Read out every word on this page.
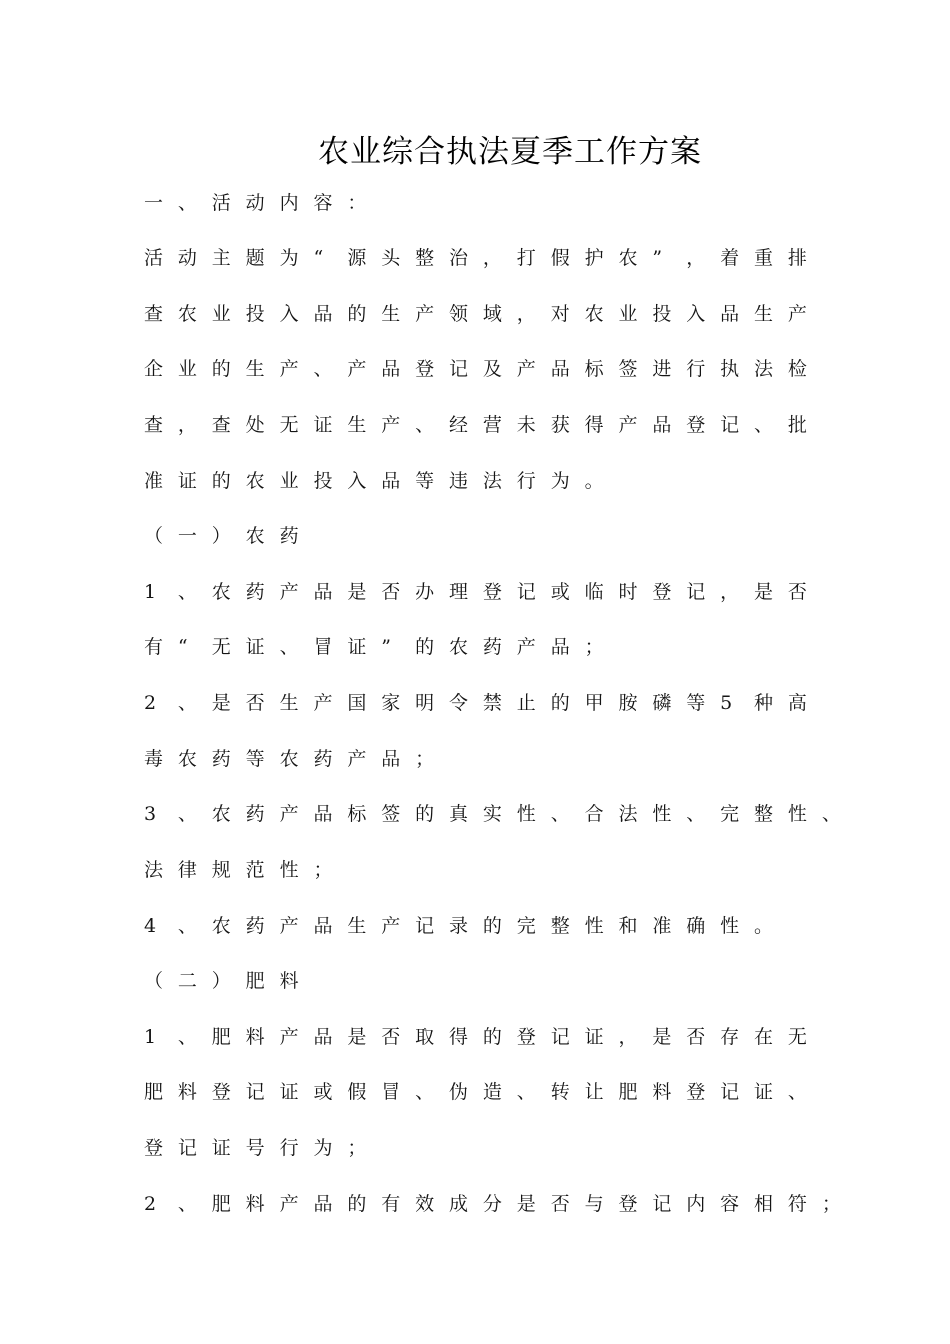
农业综合执法夏季工作方案
一 、 活 动 内 容 ：
活 动 主 题 为 “ 源 头 整 治 ， 打 假 护 农 ” ， 着 重 排
查 农 业 投 入 品 的 生 产 领 域 ， 对 农 业 投 入 品 生 产
企 业 的 生 产 、 产 品 登 记 及 产 品 标 签 进 行 执 法 检
查 ， 查 处 无 证 生 产 、 经 营 未 获 得 产 品 登 记 、 批
准 证 的 农 业 投 入 品 等 违 法 行 为 。
（ 一 ） 农 药
1 、 农 药 产 品 是 否 办 理 登 记 或 临 时 登 记 ， 是 否
有 “ 无 证 、 冒 证 ” 的 农 药 产 品 ；
2 、 是 否 生 产 国 家 明 令 禁 止 的 甲 胺 磷 等 5 种 高
毒 农 药 等 农 药 产 品 ；
3 、 农 药 产 品 标 签 的 真 实 性 、 合 法 性 、 完 整 性 、
法 律 规 范 性 ；
4 、 农 药 产 品 生 产 记 录 的 完 整 性 和 准 确 性 。
（ 二 ） 肥 料
1 、 肥 料 产 品 是 否 取 得 的 登 记 证 ， 是 否 存 在 无
肥 料 登 记 证 或 假 冒 、 伪 造 、 转 让 肥 料 登 记 证 、
登 记 证 号 行 为 ；
2 、 肥 料 产 品 的 有 效 成 分 是 否 与 登 记 内 容 相 符 ；
